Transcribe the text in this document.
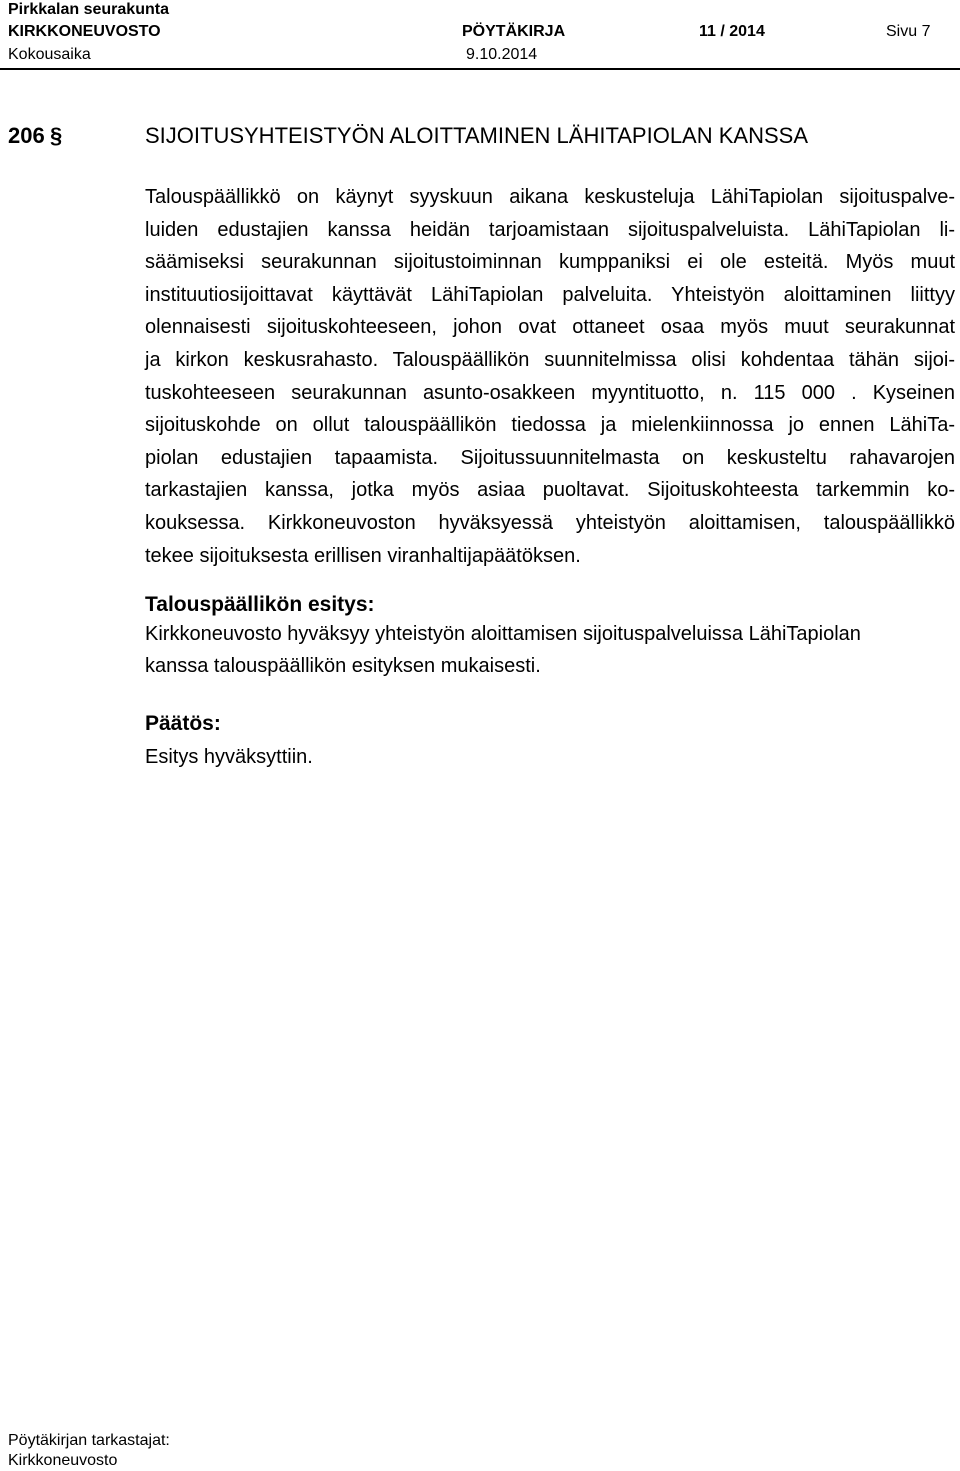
Pirkkalan seurakunta
KIRKKONEUVOSTO	PÖYTÄKIRJA	11 / 2014	Sivu 7
Kokousaika	9.10.2014
206 §	SIJOITUSYHTEISTYÖN ALOITTAMINEN LÄHITAPIOLAN KANSSA
Talouspäällikkö on käynyt syyskuun aikana keskusteluja LähiTapiolan sijoituspalve-
luiden edustajien kanssa heidän tarjoamistaan sijoituspalveluista. LähiTapiolan li-
säämiseksi seurakunnan sijoitustoiminnan kumppaniksi ei ole esteitä. Myös muut
instituutiosijoittavat käyttävät LähiTapiolan palveluita. Yhteistyön aloittaminen liittyy
olennaisesti sijoituskohteeseen, johon ovat ottaneet osaa myös muut seurakunnat
ja kirkon keskusrahasto. Talouspäällikön suunnitelmissa olisi kohdentaa tähän sijoi-
tuskohteeseen seurakunnan asunto-osakkeen myyntituotto, n. 115 000 . Kyseinen
sijoituskohde on ollut talouspäällikön tiedossa ja mielenkiinnossa jo ennen LähiTa-
piolan edustajien tapaamista. Sijoitussuunnitelmasta on keskusteltu rahavarojen
tarkastajien kanssa, jotka myös asiaa puoltavat. Sijoituskohteesta tarkemmin ko-
kouksessa. Kirkkoneuvoston hyväksyessä yhteistyön aloittamisen, talouspäällikkö
tekee sijoituksesta erillisen viranhaltijapäätöksen.
Talouspäällikön esitys:
Kirkkoneuvosto hyväksyy yhteistyön aloittamisen sijoituspalveluissa LähiTapiolan
kanssa talouspäällikön esityksen mukaisesti.
Päätös:
Esitys hyväksyttiin.
Pöytäkirjan tarkastajat:
Kirkkoneuvosto
